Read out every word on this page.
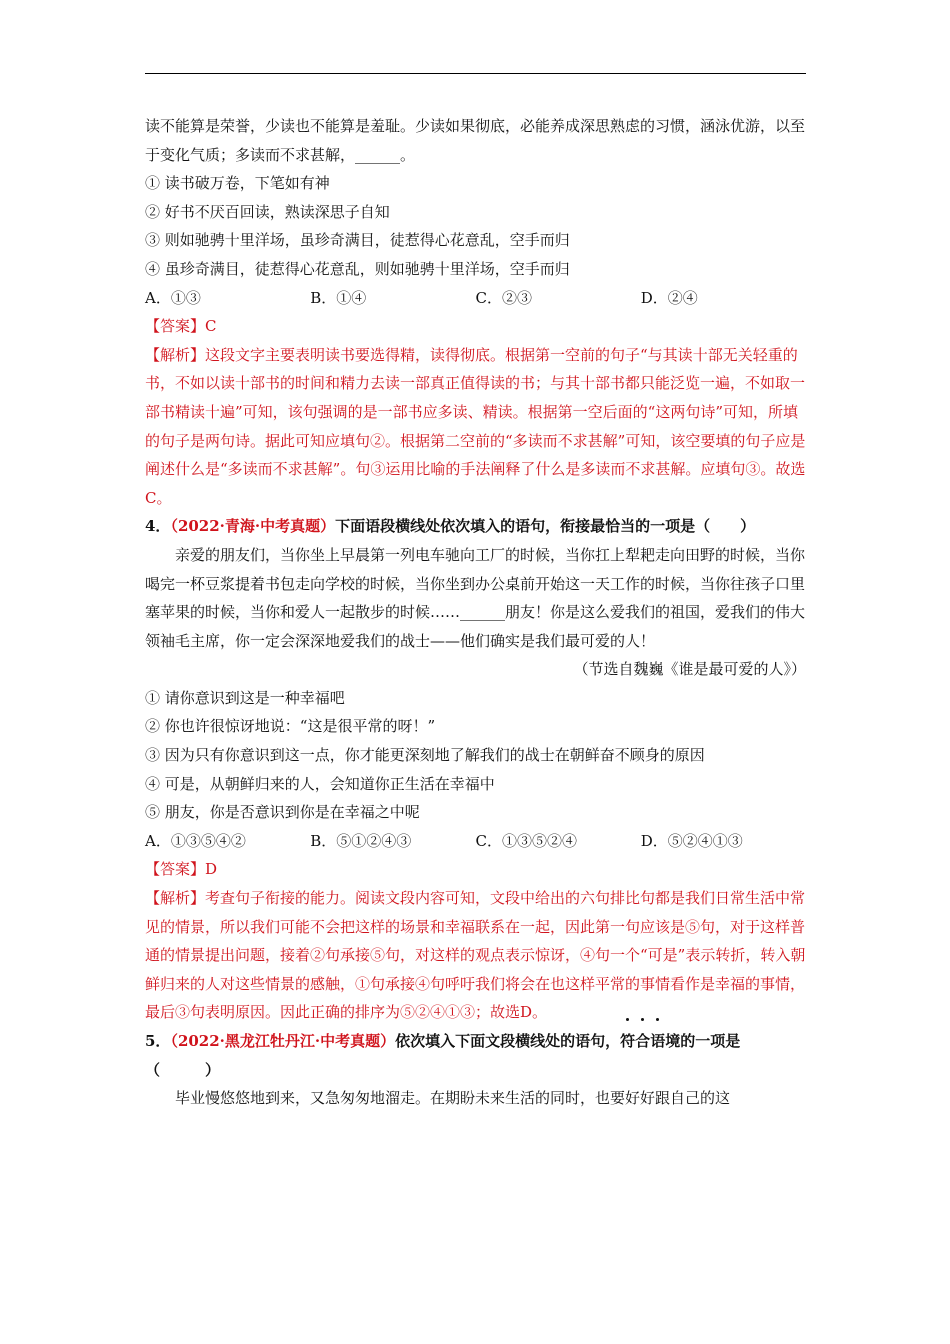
读不能算是荣誉，少读也不能算是羞耻。少读如果彻底，必能养成深思熟虑的习惯，涵泳优游，以至于变化气质；多读而不求甚解，______。

① 读书破万卷，下笔如有神

② 好书不厌百回读，熟读深思子自知

③ 则如驰骋十里洋场，虽珍奇满目，徒惹得心花意乱，空手而归

④ 虽珍奇满目，徒惹得心花意乱，则如驰骋十里洋场，空手而归

A．①③	B．①④	C．②③	D．②④

【答案】C

【解析】这段文字主要表明读书要选得精，读得彻底。根据第一空前的句子“与其读十部无关轻重的书，不如以读十部书的时间和精力去读一部真正值得读的书；与其十部书都只能泛览一遍，不如取一部书精读十遍”可知，该句强调的是一部书应多读、精读。根据第一空后面的“这两句诗”可知，所填的句子是两句诗。据此可知应填句②。根据第二空前的“多读而不求甚解”可知，该空要填的句子应是阐述什么是“多读而不求甚解”。句③运用比喻的手法阐释了什么是多读而不求甚解。应填句③。故选C。

4．（2022·青海·中考真题）下面语段横线处依次填入的语句，衔接最恰当的一项是（　　）

亲爱的朋友们，当你坐上早晨第一列电车驰向工厂的时候，当你扛上犁耙走向田野的时候，当你喝完一杯豆浆提着书包走向学校的时候，当你坐到办公桌前开始这一天工作的时候，当你往孩子口里塞苹果的时候，当你和爱人一起散步的时候……______朋友！你是这么爱我们的祖国，爱我们的伟大领袖毛主席，你一定会深深地爱我们的战士——他们确实是我们最可爱的人！

（节选自魏巍《谁是最可爱的人》）

① 请你意识到这是一种幸福吧

② 你也许很惊讶地说：“这是很平常的呀！”

③ 因为只有你意识到这一点，你才能更深刻地了解我们的战士在朝鲜奋不顾身的原因

④ 可是，从朝鲜归来的人，会知道你正生活在幸福中

⑤ 朋友，你是否意识到你是在幸福之中呢

A．①③⑤④②	B．⑤①②④③	C．①③⑤②④	D．⑤②④①③

【答案】D

【解析】考查句子衔接的能力。阅读文段内容可知，文段中给出的六句排比句都是我们日常生活中常见的情景，所以我们可能不会把这样的场景和幸福联系在一起，因此第一句应该是⑤句，对于这样普通的情景提出问题，接着②句承接⑤句，对这样的观点表示惊讶，④句一个“可是”表示转折，转入朝鲜归来的人对这些情景的感触，①句承接④句呼吁我们将会在也这样平常的事情看作是幸福的事情，最后③句表明原因。因此正确的排序为⑤②④①③；故选D。

5．（2022·黑龙江牡丹江·中考真题）依次填入下面文段横线处的语句，
符
合
语境的一项是（　　　）

毕业慢悠悠地到来，又急匆匆地溜走。在期盼未来生活的同时，也要好好跟自己的这
